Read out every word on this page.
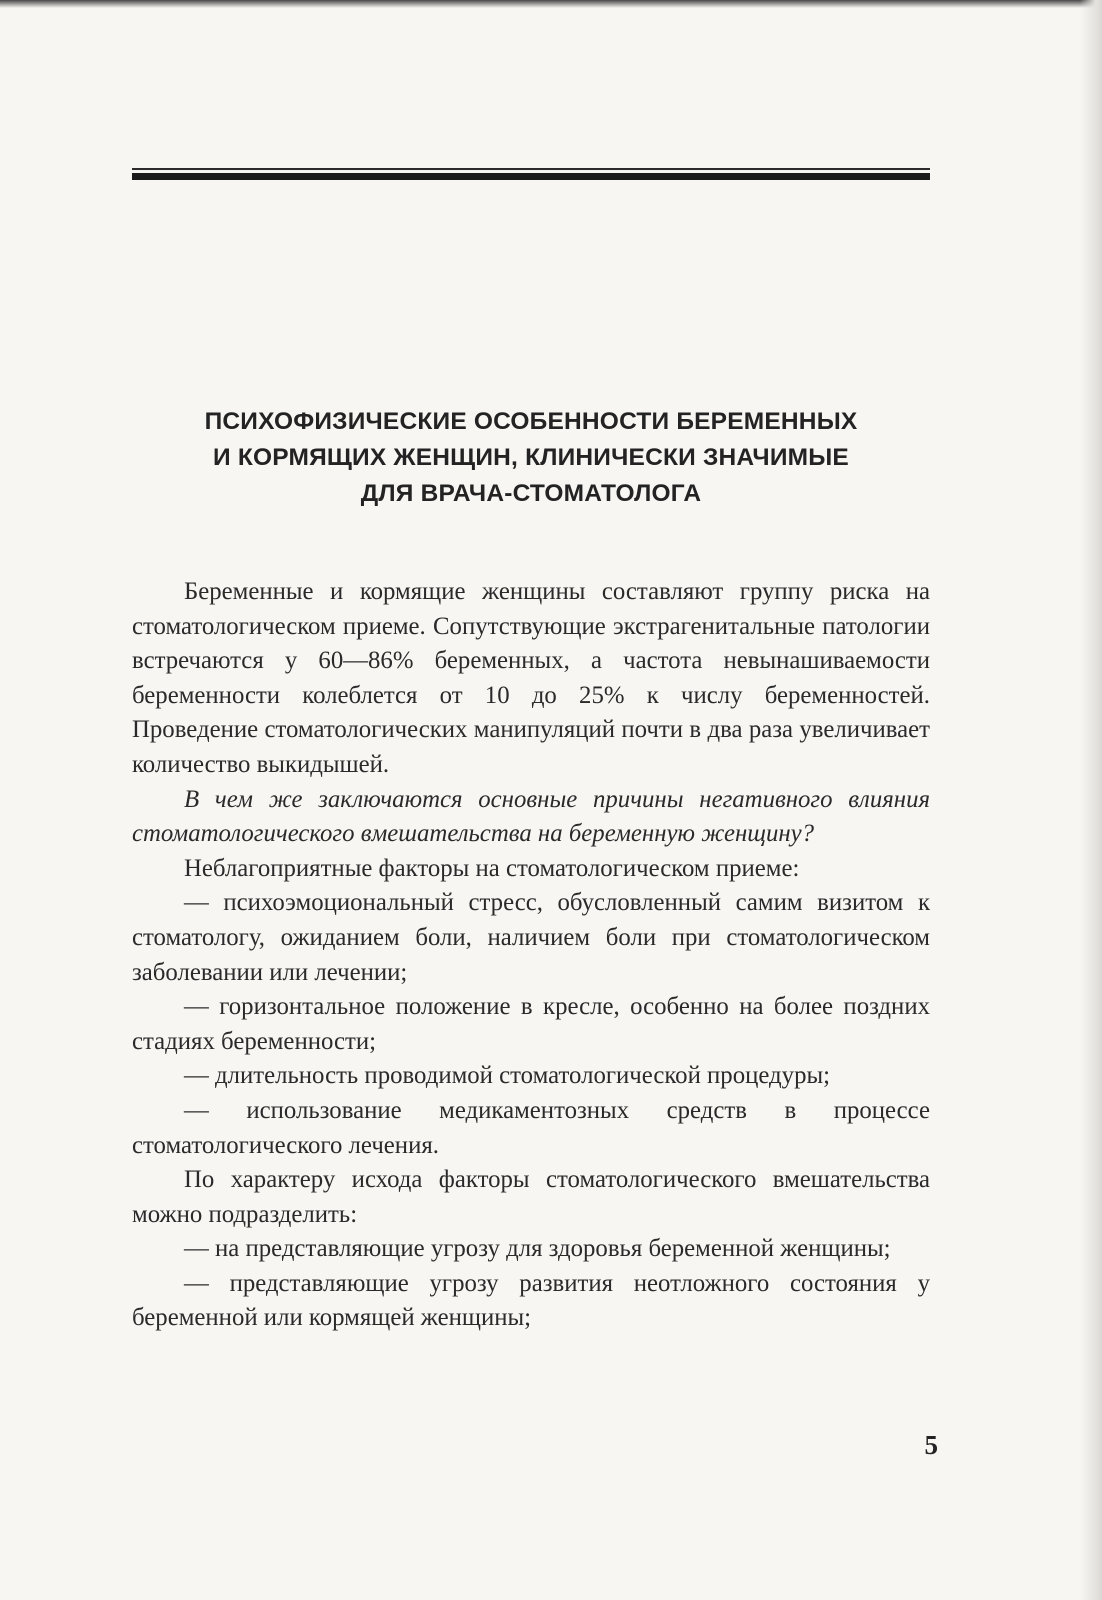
ПСИХОФИЗИЧЕСКИЕ ОСОБЕННОСТИ БЕРЕМЕННЫХ
И КОРМЯЩИХ ЖЕНЩИН, КЛИНИЧЕСКИ ЗНАЧИМЫЕ
ДЛЯ ВРАЧА-СТОМАТОЛОГА

Беременные и кормящие женщины составляют группу риска на стоматологическом приеме. Сопутствующие экстрагенитальные патологии встречаются у 60—86% беременных, а частота невынашиваемости беременности колеблется от 10 до 25% к числу беременностей. Проведение стоматологических манипуляций почти в два раза увеличивает количество выкидышей.

В чем же заключаются основные причины негативного влияния стоматологического вмешательства на беременную женщину?

Неблагоприятные факторы на стоматологическом приеме:

— психоэмоциональный стресс, обусловленный самим визитом к стоматологу, ожиданием боли, наличием боли при стоматологическом заболевании или лечении;

— горизонтальное положение в кресле, особенно на более поздних стадиях беременности;

— длительность проводимой стоматологической процедуры;

— использование медикаментозных средств в процессе стоматологического лечения.

По характеру исхода факторы стоматологического вмешательства можно подразделить:

— на представляющие угрозу для здоровья беременной женщины;

— представляющие угрозу развития неотложного состояния у беременной или кормящей женщины;

5
